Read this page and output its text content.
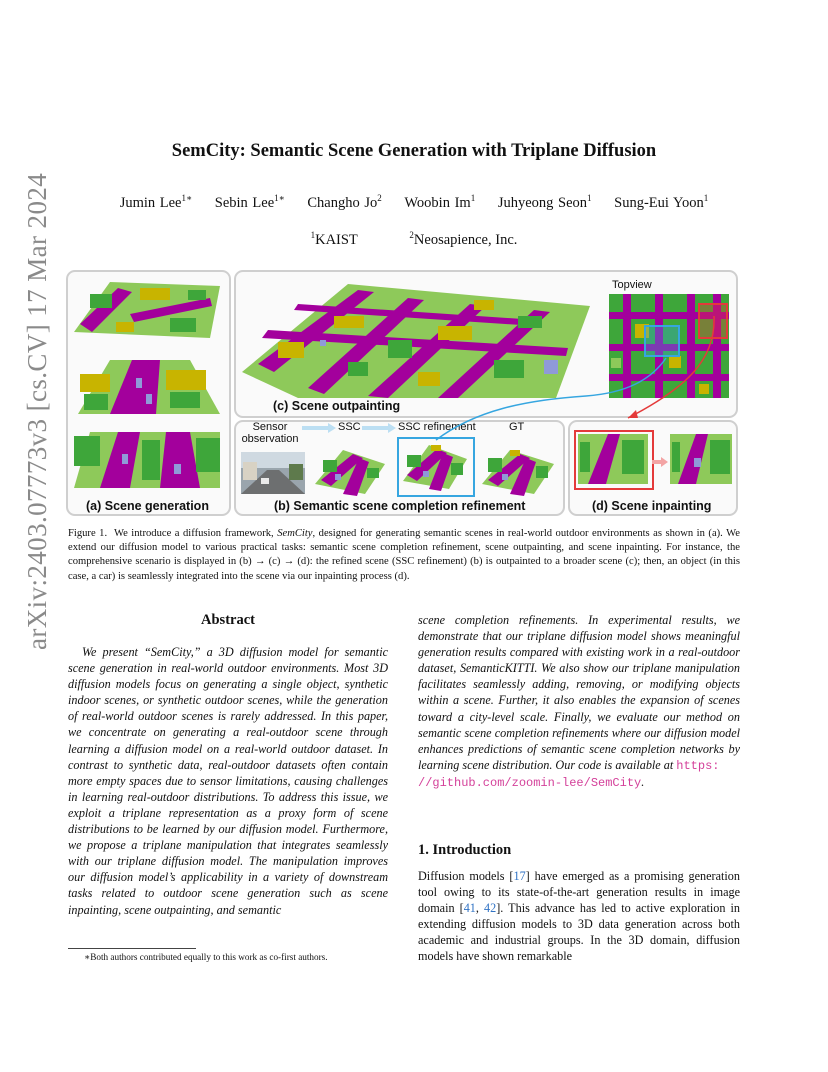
arXiv:2403.07773v3 [cs.CV] 17 Mar 2024
SemCity: Semantic Scene Generation with Triplane Diffusion
Jumin Lee$^{1∗}$ Sebin Lee$^{1∗}$ Changho Jo$^2$ Woobin Im$^1$ Juhyeong Seon$^1$ Sung-Eui Yoon$^1$
$^1$KAIST	$^2$Neosapience, Inc.
(a) Scene generation
(c) Scene outpainting
Topview
Sensor
observation
SSC	SSC refinement	GT
(b) Semantic scene completion refinement	(d) Scene inpainting
Figure 1. We introduce a diffusion framework, SemCity, designed for generating semantic scenes in real-world outdoor environments as shown in (a). We extend our diffusion model to various practical tasks: semantic scene completion refinement, scene outpainting, and scene inpainting. For instance, the comprehensive scenario is displayed in (b) → (c) → (d): the refined scene (SSC refinement) (b) is outpainted to a broader scene (c); then, an object (in this case, a car) is seamlessly integrated into the scene via our inpainting process (d).
Abstract
We present “SemCity,” a 3D diffusion model for semantic scene generation in real-world outdoor environments. Most 3D diffusion models focus on generating a single object, synthetic indoor scenes, or synthetic outdoor scenes, while the generation of real-world outdoor scenes is rarely addressed. In this paper, we concentrate on generating a real-outdoor scene through learning a diffusion model on a real-world outdoor dataset. In contrast to synthetic data, real-outdoor datasets often contain more empty spaces due to sensor limitations, causing challenges in learning real-outdoor distributions. To address this issue, we exploit a triplane representation as a proxy form of scene distributions to be learned by our diffusion model. Furthermore, we propose a triplane manipulation that integrates seamlessly with our triplane diffusion model. The manipulation improves our diffusion model’s applicability in a variety of downstream tasks related to outdoor scene generation such as scene inpainting, scene outpainting, and semantic
∗Both authors contributed equally to this work as co-first authors.
scene completion refinements. In experimental results, we demonstrate that our triplane diffusion model shows meaningful generation results compared with existing work in a real-outdoor dataset, SemanticKITTI. We also show our triplane manipulation facilitates seamlessly adding, removing, or modifying objects within a scene. Further, it also enables the expansion of scenes toward a city-level scale. Finally, we evaluate our method on semantic scene completion refinements where our diffusion model enhances predictions of semantic scene completion networks by learning scene distribution. Our code is available at https:
//github.com/zoomin-lee/SemCity.
1. Introduction
Diffusion models [17] have emerged as a promising generation tool owing to its state-of-the-art generation results in image domain [41, 42]. This advance has led to active exploration in extending diffusion models to 3D data generation across both academic and industrial groups. In the 3D domain, diffusion models have shown remarkable
